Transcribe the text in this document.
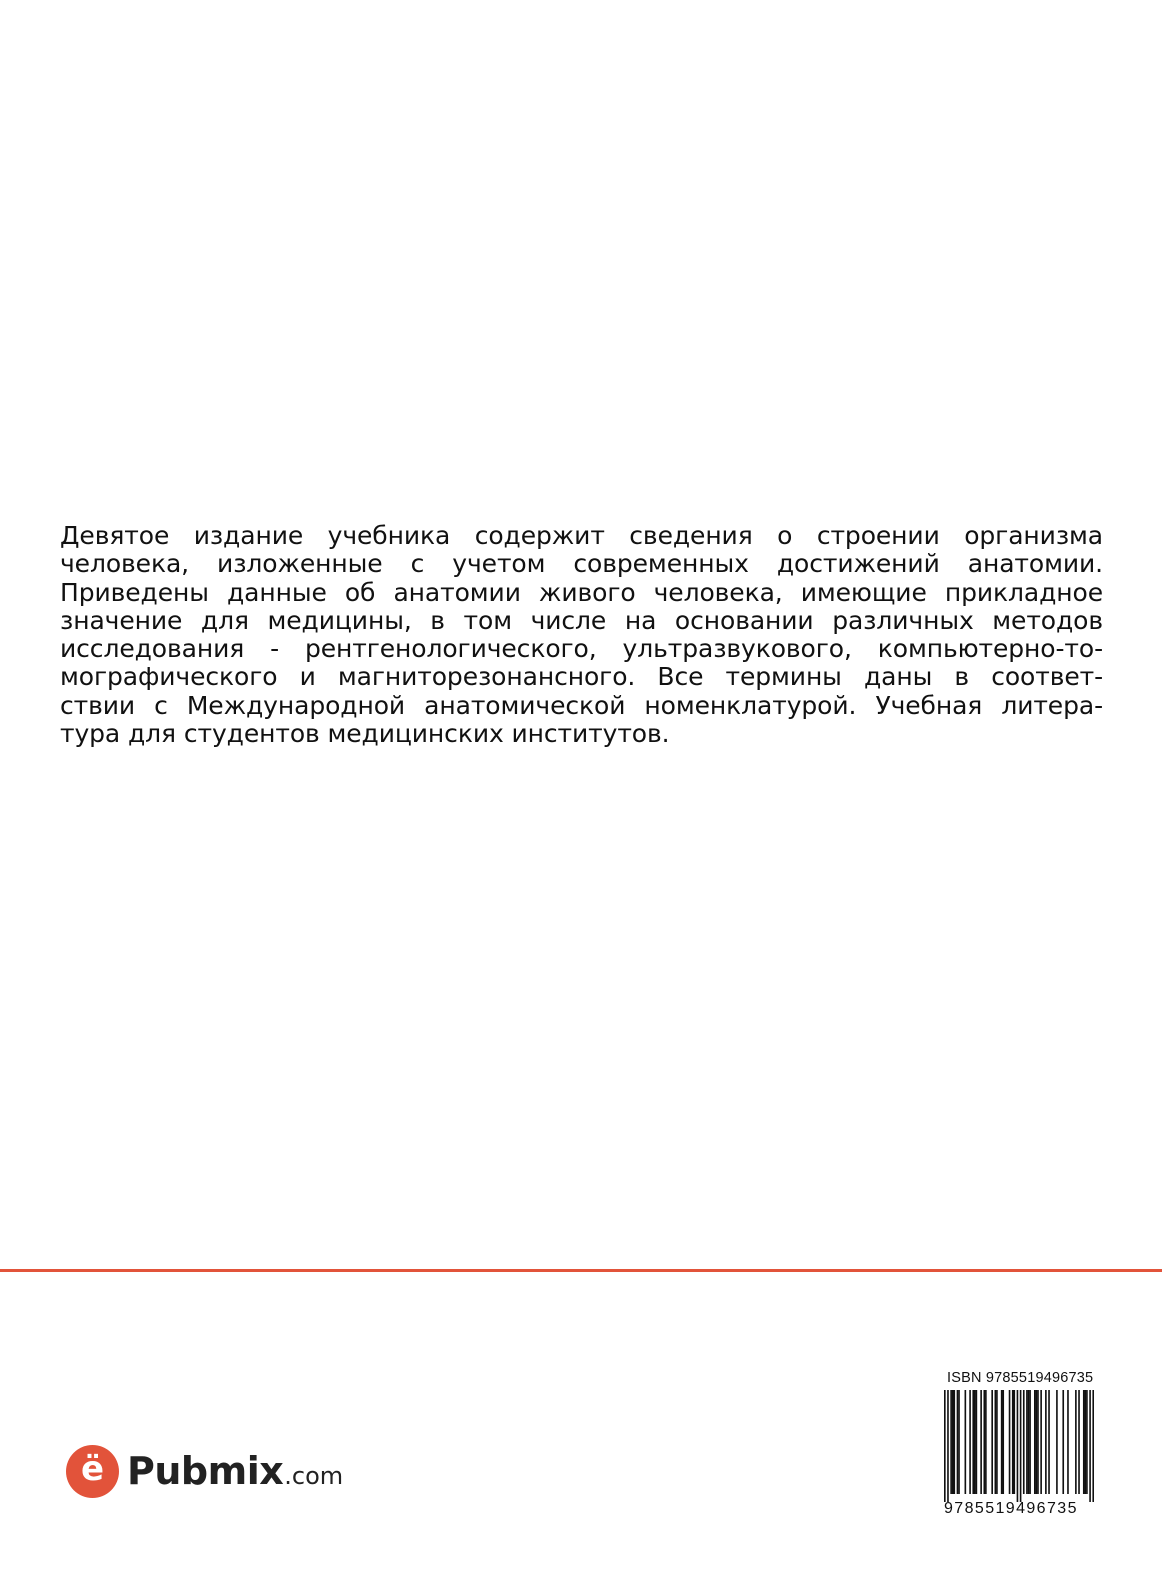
Девятое издание учебника содержит сведения о строении организма
человека, изложенные с учетом современных достижений анатомии.
Приведены данные об анатомии живого человека, имеющие прикладное
значение для медицины, в том числе на основании различных методов
исследования - рентгенологического, ультразвукового, компьютерно-то-
мографического и магниторезонансного. Все термины даны в соответ-
ствии с Международной анатомической номенклатурой. Учебная литера-
тура для студентов медицинских институтов.
ё Pubmix .com
ISBN 9785519496735
9785519496735
